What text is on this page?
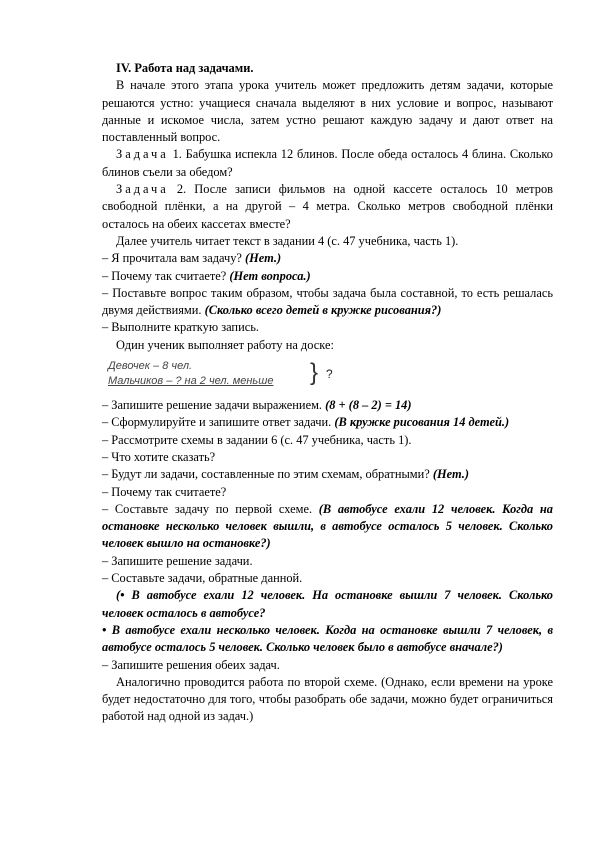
IV. Работа над задачами.

В начале этого этапа урока учитель может предложить детям задачи, которые решаются устно: учащиеся сначала выделяют в них условие и вопрос, называют данные и искомое числа, затем устно решают каждую задачу и дают ответ на поставленный вопрос.

Задача 1. Бабушка испекла 12 блинов. После обеда осталось 4 блина. Сколько блинов съели за обедом?

Задача 2. После записи фильмов на одной кассете осталось 10 метров свободной плёнки, а на другой – 4 метра. Сколько метров свободной плёнки осталось на обеих кассетах вместе?

Далее учитель читает текст в задании 4 (с. 47 учебника, часть 1).

– Я прочитала вам задачу? (Нет.)

– Почему так считаете? (Нет вопроса.)

– Поставьте вопрос таким образом, чтобы задача была составной, то есть решалась двумя действиями. (Сколько всего детей в кружке рисования?)

– Выполните краткую запись.

Один ученик выполняет работу на доске:

Девочек – 8 чел.
Мальчиков – ? на 2 чел. меньше } ?

– Запишите решение задачи выражением. (8 + (8 – 2) = 14)

– Сформулируйте и запишите ответ задачи. (В кружке рисования 14 детей.)

– Рассмотрите схемы в задании 6 (с. 47 учебника, часть 1).

– Что хотите сказать?

– Будут ли задачи, составленные по этим схемам, обратными? (Нет.)

– Почему так считаете?

– Составьте задачу по первой схеме. (В автобусе ехали 12 человек. Когда на остановке несколько человек вышли, в автобусе осталось 5 человек. Сколько человек вышло на остановке?)

– Запишите решение задачи.

– Составьте задачи, обратные данной.

(• В автобусе ехали 12 человек. На остановке вышли 7 человек. Сколько человек осталось в автобусе?

• В автобусе ехали несколько человек. Когда на остановке вышли 7 человек, в автобусе осталось 5 человек. Сколько человек было в автобусе вначале?)

– Запишите решения обеих задач.

Аналогично проводится работа по второй схеме. (Однако, если времени на уроке будет недостаточно для того, чтобы разобрать обе задачи, можно будет ограничиться работой над одной из задач.)
